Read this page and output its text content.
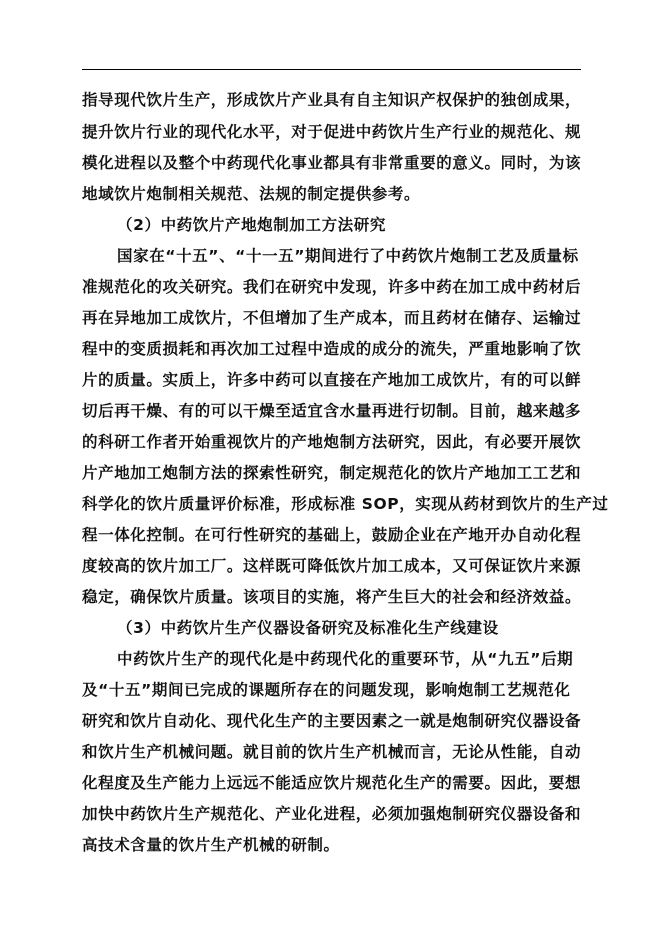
指导现代饮片生产，形成饮片产业具有自主知识产权保护的独创成果，
提升饮片行业的现代化水平，对于促进中药饮片生产行业的规范化、规
模化进程以及整个中药现代化事业都具有非常重要的意义。同时，为该
地域饮片炮制相关规范、法规的制定提供参考。
（2）中药饮片产地炮制加工方法研究
国家在“十五”、“十一五”期间进行了中药饮片炮制工艺及质量标
准规范化的攻关研究。我们在研究中发现，许多中药在加工成中药材后
再在异地加工成饮片，不但增加了生产成本，而且药材在储存、运输过
程中的变质损耗和再次加工过程中造成的成分的流失，严重地影响了饮
片的质量。实质上，许多中药可以直接在产地加工成饮片，有的可以鲜
切后再干燥、有的可以干燥至适宜含水量再进行切制。目前，越来越多
的科研工作者开始重视饮片的产地炮制方法研究，因此，有必要开展饮
片产地加工炮制方法的探索性研究，制定规范化的饮片产地加工工艺和
科学化的饮片质量评价标准，形成标准 SOP，实现从药材到饮片的生产过
程一体化控制。在可行性研究的基础上，鼓励企业在产地开办自动化程
度较高的饮片加工厂。这样既可降低饮片加工成本，又可保证饮片来源
稳定，确保饮片质量。该项目的实施，将产生巨大的社会和经济效益。
（3）中药饮片生产仪器设备研究及标准化生产线建设
中药饮片生产的现代化是中药现代化的重要环节，从“九五”后期
及“十五”期间已完成的课题所存在的问题发现，影响炮制工艺规范化
研究和饮片自动化、现代化生产的主要因素之一就是炮制研究仪器设备
和饮片生产机械问题。就目前的饮片生产机械而言，无论从性能，自动
化程度及生产能力上远远不能适应饮片规范化生产的需要。因此，要想
加快中药饮片生产规范化、产业化进程，必须加强炮制研究仪器设备和
高技术含量的饮片生产机械的研制。
